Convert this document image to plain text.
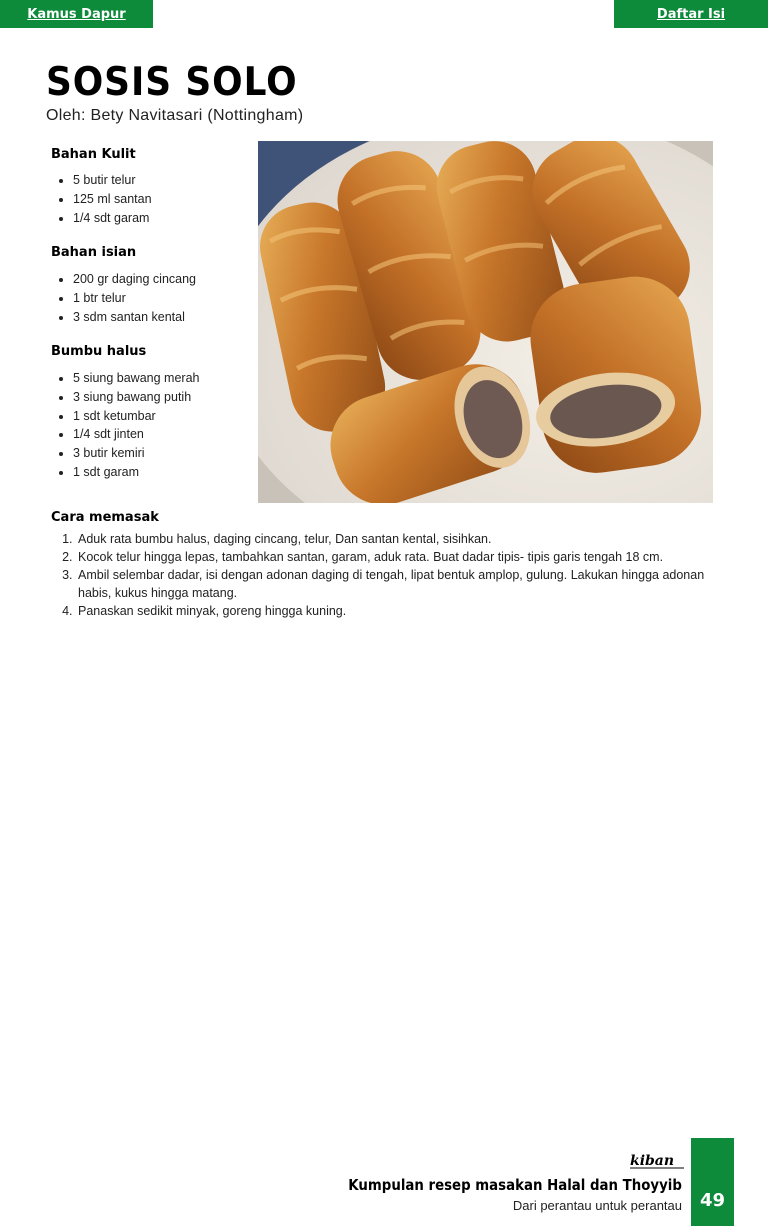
Kamus Dapur	Daftar Isi
SOSIS SOLO
Oleh: Bety Navitasari (Nottingham)
Bahan Kulit
• 5 butir telur
• 125 ml santan
• 1/4 sdt garam
Bahan isian
• 200 gr daging cincang
• 1 btr telur
• 3 sdm santan kental
Bumbu halus
• 5 siung bawang merah
• 3 siung bawang putih
• 1 sdt ketumbar
• 1/4 sdt jinten
• 3 butir kemiri
• 1 sdt garam
Cara memasak
1. Aduk rata bumbu halus, daging cincang, telur, Dan santan kental, sisihkan.
2. Kocok telur hingga lepas, tambahkan santan, garam, aduk rata. Buat dadar tipis- tipis garis tengah 18 cm.
3. Ambil selembar dadar, isi dengan adonan daging di tengah, lipat bentuk amplop, gulung. Lakukan hingga adonan habis, kukus hingga matang.
4. Panaskan sedikit minyak, goreng hingga kuning.
kiban
Kumpulan resep masakan Halal dan Thoyyib
Dari perantau untuk perantau 49
